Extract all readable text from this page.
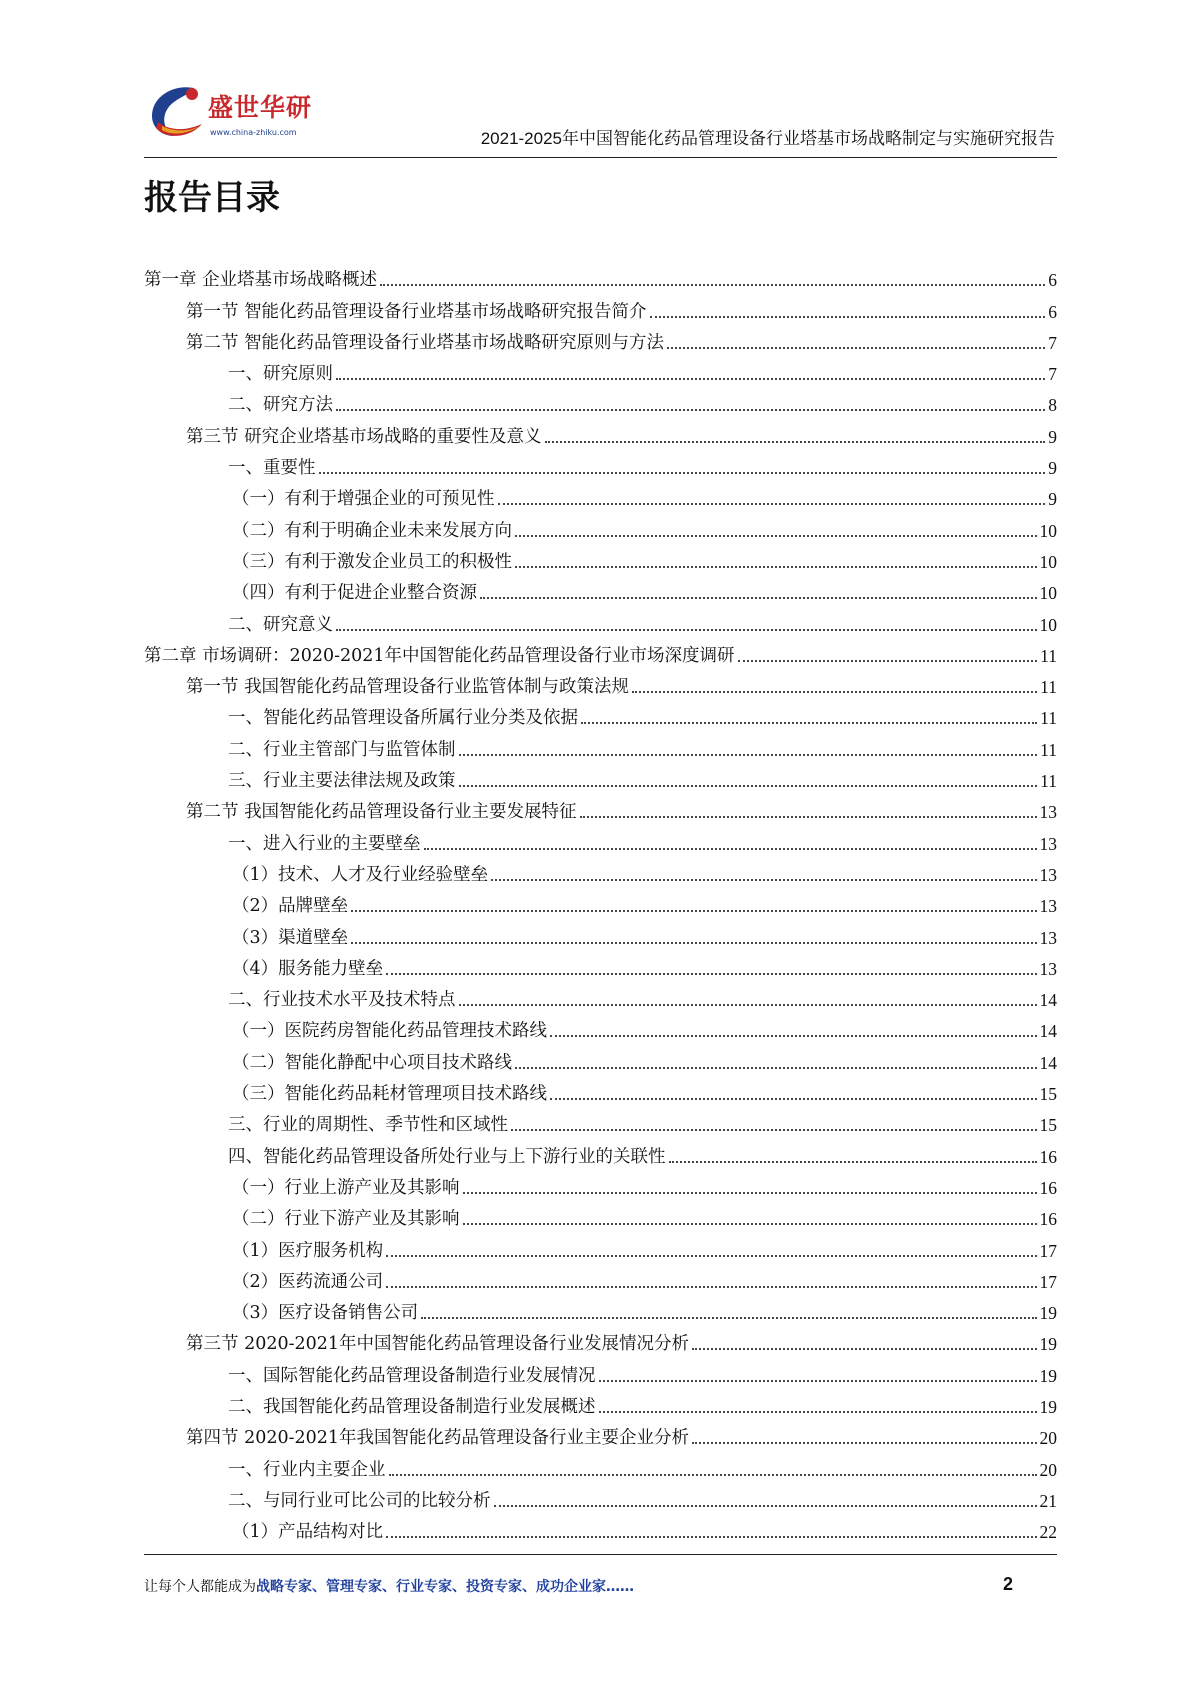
盛世华研
www.china-zhiku.com	2021-2025年中国智能化药品管理设备行业塔基市场战略制定与实施研究报告
报告目录
第一章 企业塔基市场战略概述	6
第一节 智能化药品管理设备行业塔基市场战略研究报告简介	6
第二节 智能化药品管理设备行业塔基市场战略研究原则与方法	7
一、研究原则	7
二、研究方法	8
第三节 研究企业塔基市场战略的重要性及意义	9
一、重要性	9
（一）有利于增强企业的可预见性	9
（二）有利于明确企业未来发展方向	10
（三）有利于激发企业员工的积极性	10
（四）有利于促进企业整合资源	10
二、研究意义	10
第二章 市场调研：2020-2021年中国智能化药品管理设备行业市场深度调研	11
第一节 我国智能化药品管理设备行业监管体制与政策法规	11
一、智能化药品管理设备所属行业分类及依据	11
二、行业主管部门与监管体制	11
三、行业主要法律法规及政策	11
第二节 我国智能化药品管理设备行业主要发展特征	13
一、进入行业的主要壁垒	13
（1）技术、人才及行业经验壁垒	13
（2）品牌壁垒	13
（3）渠道壁垒	13
（4）服务能力壁垒	13
二、行业技术水平及技术特点	14
（一）医院药房智能化药品管理技术路线	14
（二）智能化静配中心项目技术路线	14
（三）智能化药品耗材管理项目技术路线	15
三、行业的周期性、季节性和区域性	15
四、智能化药品管理设备所处行业与上下游行业的关联性	16
（一）行业上游产业及其影响	16
（二）行业下游产业及其影响	16
（1）医疗服务机构	17
（2）医药流通公司	17
（3）医疗设备销售公司	19
第三节 2020-2021年中国智能化药品管理设备行业发展情况分析	19
一、国际智能化药品管理设备制造行业发展情况	19
二、我国智能化药品管理设备制造行业发展概述	19
第四节 2020-2021年我国智能化药品管理设备行业主要企业分析	20
一、行业内主要企业	20
二、与同行业可比公司的比较分析	21
（1）产品结构对比	22
让每个人都能成为战略专家、管理专家、行业专家、投资专家、成功企业家……	2
